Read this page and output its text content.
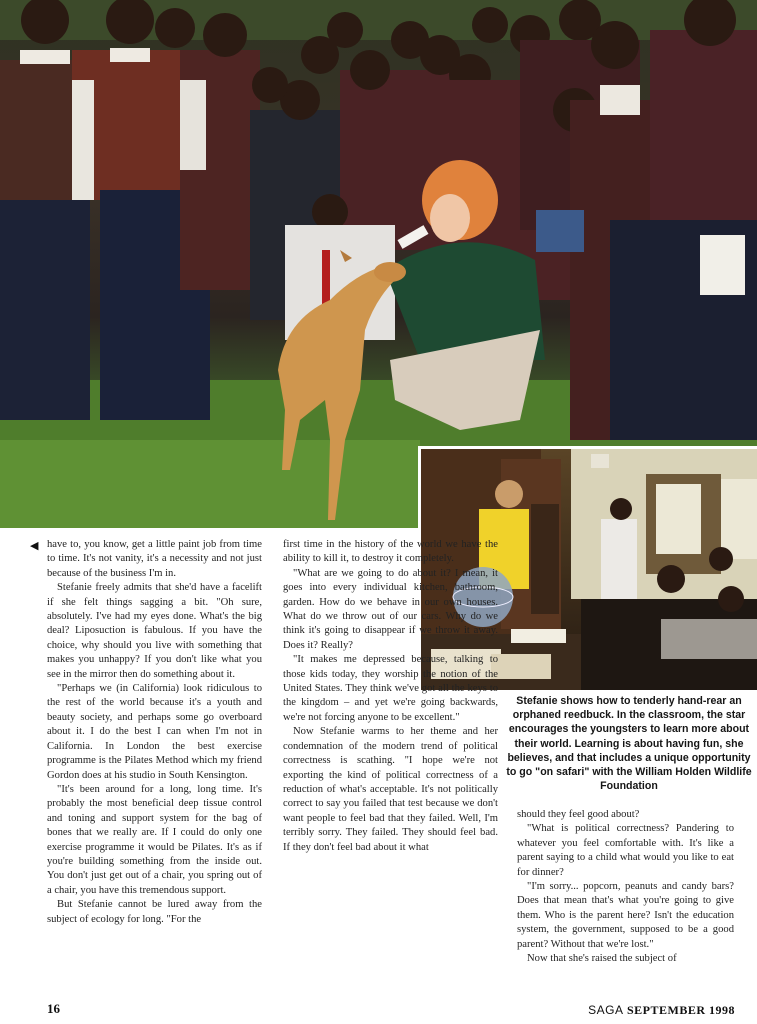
◀ have to, you know, get a little paint job from time to time. It's not vanity, it's a necessity and not just because of the business I'm in.

Stefanie freely admits that she'd have a facelift if she felt things sagging a bit. "Oh sure, absolutely. I've had my eyes done. What's the big deal? Liposuction is fabulous. If you have the choice, why should you live with something that makes you unhappy? If you don't like what you see in the mirror then do something about it.

"Perhaps we (in California) look ridiculous to the rest of the world because it's a youth and beauty society, and perhaps some go overboard about it. I do the best I can when I'm not in California. In London the best exercise programme is the Pilates Method which my friend Gordon does at his studio in South Kensington.

"It's been around for a long, long time. It's probably the most beneficial deep tissue control and toning and support system for the bag of bones that we really are. If I could do only one exercise programme it would be Pilates. It's as if you're building something from the inside out. You don't just get out of a chair, you spring out of a chair, you have this tremendous support.

But Stefanie cannot be lured away from the subject of ecology for long. "For the

first time in the history of the world we have the ability to kill it, to destroy it completely.

"What are we going to do about it? I mean, it goes into every individual kitchen, bathroom, garden. How do we behave in our own houses. What do we throw out of our cars. Why do we think it's going to disappear if we throw it away. Does it? Really?

"It makes me depressed because, talking to those kids today, they worship the notion of the United States. They think we've got all the keys to the kingdom – and yet we're going backwards, we're not forcing anyone to be excellent."

Now Stefanie warms to her theme and her condemnation of the modern trend of political correctness is scathing. "I hope we're not exporting the kind of political correctness of a reduction of what's acceptable. It's not politically correct to say you failed that test because we don't want people to feel bad that they failed. Well, I'm terribly sorry. They failed. They should feel bad. If they don't feel bad about it what

Stefanie shows how to tenderly hand-rear an orphaned reedbuck. In the classroom, the star encourages the youngsters to learn more about their world. Learning is about having fun, she believes, and that includes a unique opportunity to go "on safari" with the William Holden Wildlife Foundation

should they feel good about?

"What is political correctness? Pandering to whatever you feel comfortable with. It's like a parent saying to a child what would you like to eat for dinner?

"I'm sorry... popcorn, peanuts and candy bars? Does that mean that's what you're going to give them. Who is the parent here? Isn't the education system, the government, supposed to be a good parent? Without that we're lost."

Now that she's raised the subject of

16	SAGA SEPTEMBER 1998
